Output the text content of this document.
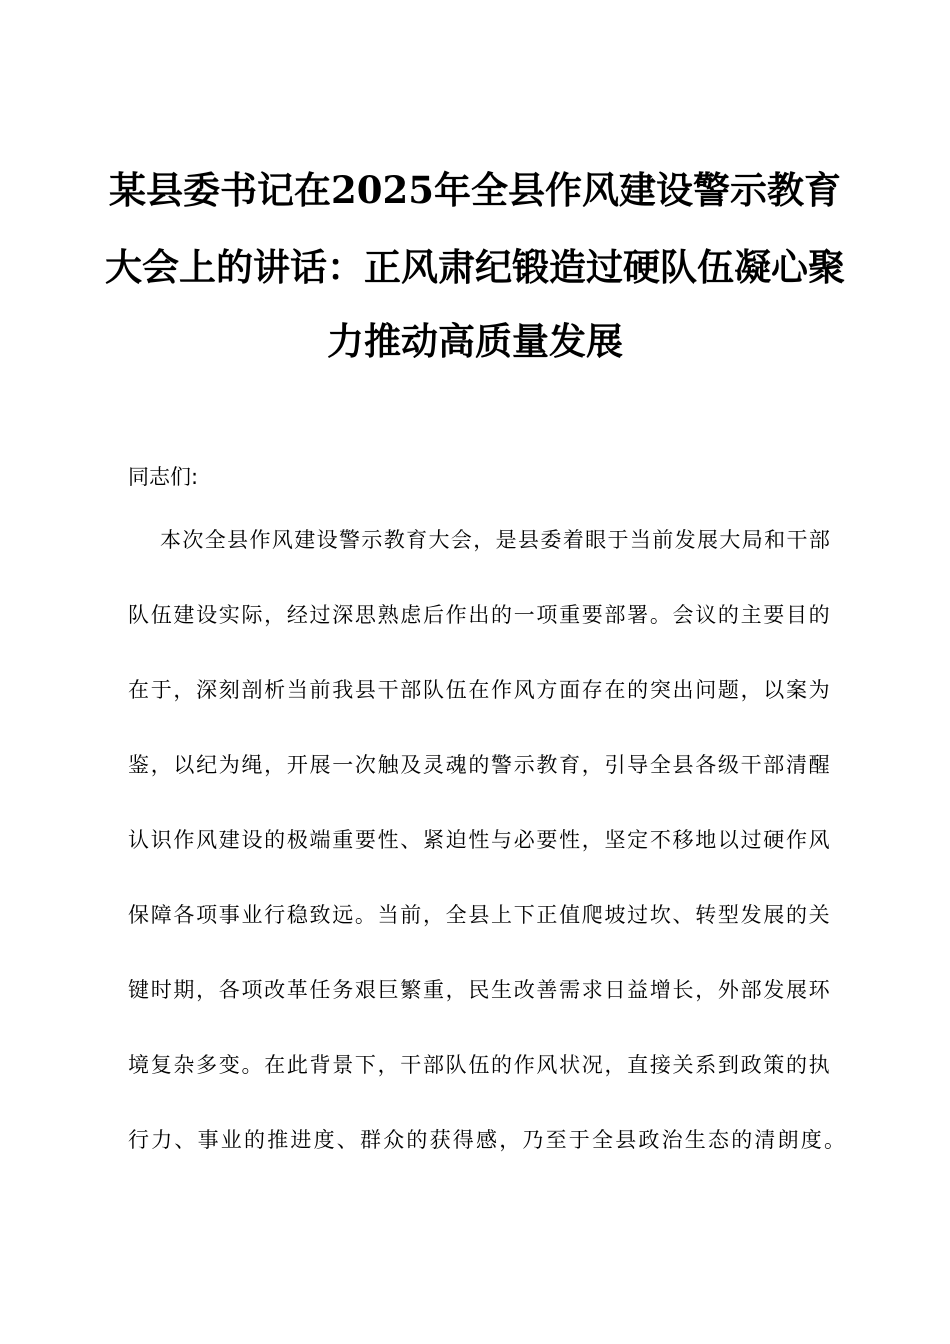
某县委书记在2025年全县作风建设警示教育
大会上的讲话：正风肃纪锻造过硬队伍凝心聚
力推动高质量发展
同志们:
本 次 全 县 作 风 建 设 警 示 教 育 大 会 ， 是 县 委 着 眼 于 当 前 发 展 大 局 和 干 部
队 伍 建 设 实 际 ， 经 过 深 思 熟 虑 后 作 出 的 一 项 重 要 部 署 。 会 议 的 主 要 目 的
在 于 ， 深 刻 剖 析 当 前 我 县 干 部 队 伍 在 作 风 方 面 存 在 的 突 出 问 题 ， 以 案 为
鉴 ， 以 纪 为 绳 ， 开 展 一 次 触 及 灵 魂 的 警 示 教 育 ， 引 导 全 县 各 级 干 部 清 醒
认 识 作 风 建 设 的 极 端 重 要 性 、 紧 迫 性 与 必 要 性 ， 坚 定 不 移 地 以 过 硬 作 风
保 障 各 项 事 业 行 稳 致 远 。 当 前 ， 全 县 上 下 正 值 爬 坡 过 坎 、 转 型 发 展 的 关
键 时 期 ， 各 项 改 革 任 务 艰 巨 繁 重 ， 民 生 改 善 需 求 日 益 增 长 ， 外 部 发 展 环
境 复 杂 多 变 。 在 此 背 景 下 ， 干 部 队 伍 的 作 风 状 况 ， 直 接 关 系 到 政 策 的 执
行力、事业的推进度、群众的获得感，乃至于全县政治生态的清朗度。
